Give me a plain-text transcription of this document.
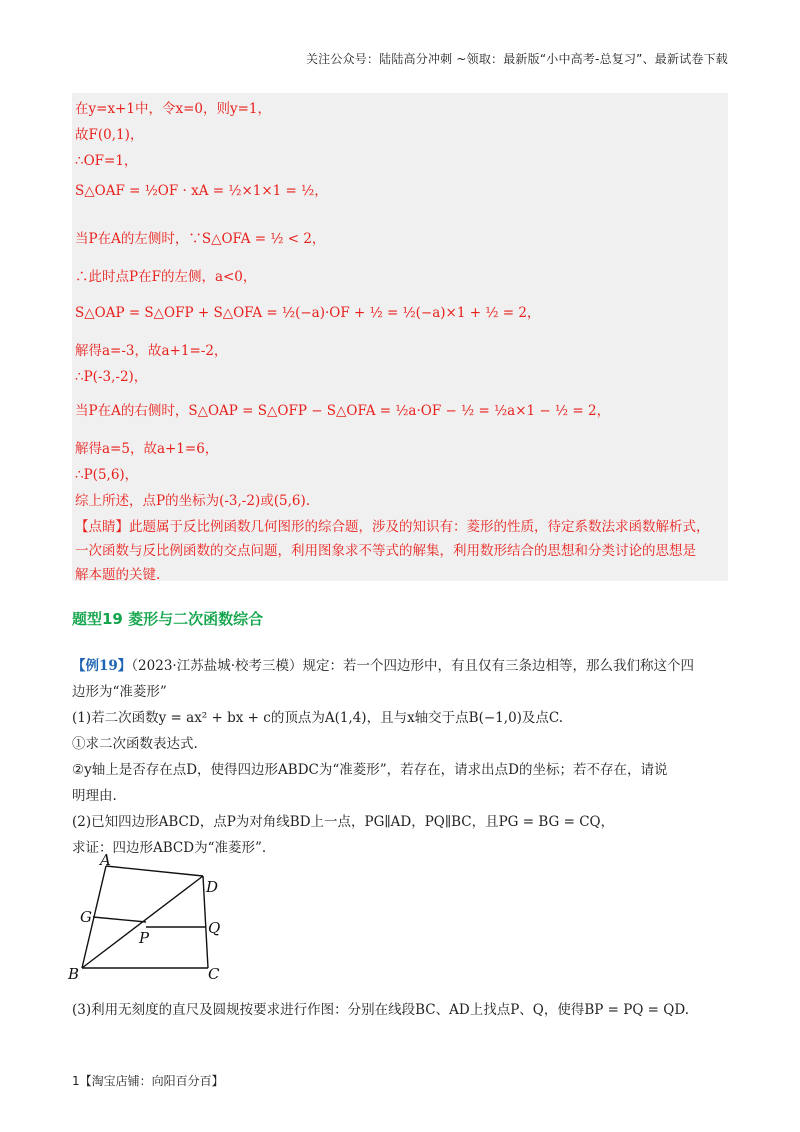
关注公众号：陆陆高分冲刺 ~领取：最新版“小中高考-总复习”、最新试卷下载
在y=x+1中，令x=0，则y=1，
故F(0,1)，
∴OF=1，
S△OAF = ½OF · xA = ½×1×1 = ½，
当P在A的左侧时，∵S△OFA = ½ < 2，
∴此时点P在F的左侧，a<0，
S△OAP = S△OFP + S△OFA = ½(−a)·OF + ½ = ½(−a)×1 + ½ = 2，
解得a=-3，故a+1=-2，
∴P(-3,-2)，
当P在A的右侧时，S△OAP = S△OFP − S△OFA = ½a·OF − ½ = ½a×1 − ½ = 2，
解得a=5，故a+1=6，
∴P(5,6)，
综上所述，点P的坐标为(-3,-2)或(5,6).
【点睛】此题属于反比例函数几何图形的综合题，涉及的知识有：菱形的性质，待定系数法求函数解析式，
一次函数与反比例函数的交点问题，利用图象求不等式的解集，利用数形结合的思想和分类讨论的思想是
解本题的关键.
题型19 菱形与二次函数综合
【例19】（2023·江苏盐城·校考三模）规定：若一个四边形中，有且仅有三条边相等，那么我们称这个四
边形为“准菱形”
(1)若二次函数y = ax² + bx + c的顶点为A(1,4)，且与x轴交于点B(−1,0)及点C.
①求二次函数表达式.
②y轴上是否存在点D，使得四边形ABDC为“准菱形”，若存在，请求出点D的坐标；若不存在，请说
明理由.
(2)已知四边形ABCD，点P为对角线BD上一点，PG∥AD，PQ∥BC，且PG = BG = CQ，
求证：四边形ABCD为“准菱形”.
A
D
G
P
Q
B	C
(3)利用无刻度的直尺及圆规按要求进行作图：分别在线段BC、AD上找点P、Q，使得BP = PQ = QD.
1【淘宝店铺：向阳百分百】
